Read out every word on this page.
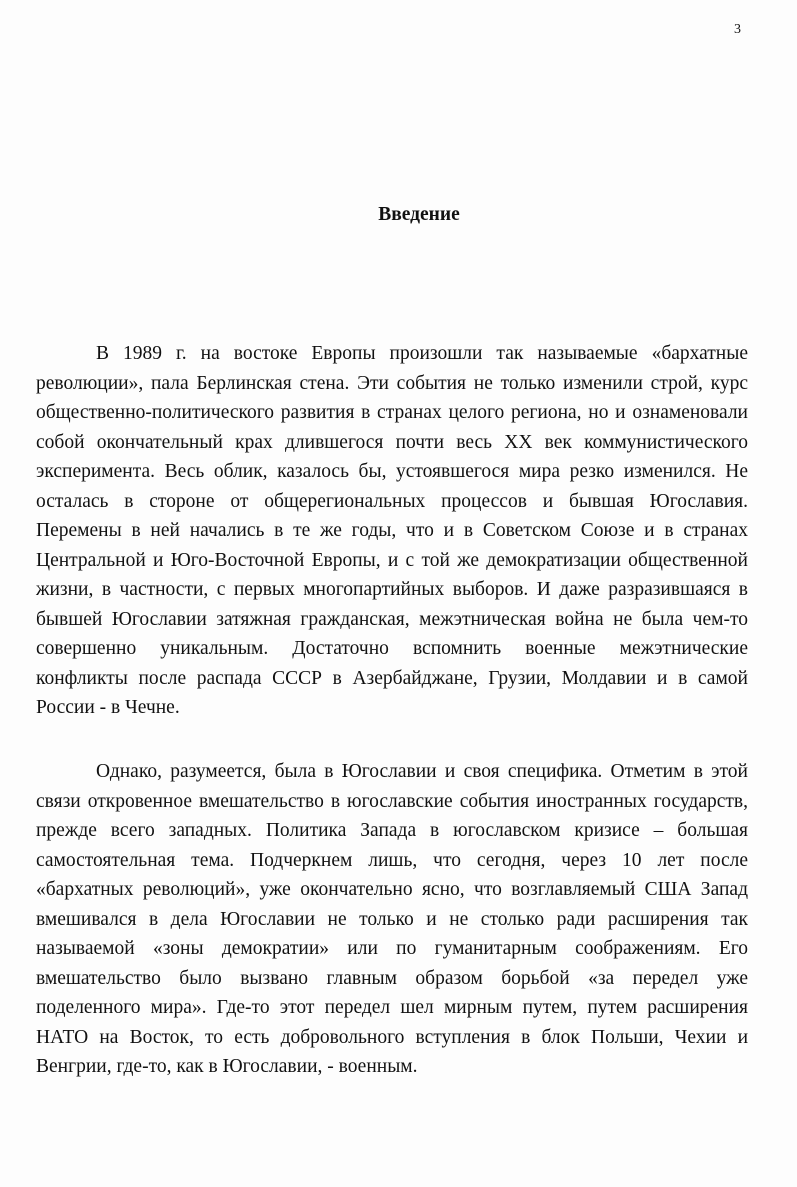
3
Введение

В 1989 г. на востоке Европы произошли так называемые «бархатные революции», пала Берлинская стена. Эти события не только изменили строй, курс общественно-политического развития в странах целого региона, но и ознаменовали собой окончательный крах длившегося почти весь XX век коммунистического эксперимента. Весь облик, казалось бы, устоявшегося мира резко изменился. Не осталась в стороне от общерегиональных процессов и бывшая Югославия. Перемены в ней начались в те же годы, что и в Советском Союзе и в странах Центральной и Юго-Восточной Европы, и с той же демократизации общественной жизни, в частности, с первых многопартийных выборов. И даже разразившаяся в бывшей Югославии затяжная гражданская, межэтническая война не была чем-то совершенно уникальным. Достаточно вспомнить военные межэтнические конфликты после распада СССР в Азербайджане, Грузии, Молдавии и в самой России - в Чечне.

Однако, разумеется, была в Югославии и своя специфика. Отметим в этой связи откровенное вмешательство в югославские события иностранных государств, прежде всего западных. Политика Запада в югославском кризисе – большая самостоятельная тема. Подчеркнем лишь, что сегодня, через 10 лет после «бархатных революций», уже окончательно ясно, что возглавляемый США Запад вмешивался в дела Югославии не только и не столько ради расширения так называемой «зоны демократии» или по гуманитарным соображениям. Его вмешательство было вызвано главным образом борьбой «за передел уже поделенного мира». Где-то этот передел шел мирным путем, путем расширения НАТО на Восток, то есть добровольного вступления в блок Польши, Чехии и Венгрии, где-то, как в Югославии, - военным.
